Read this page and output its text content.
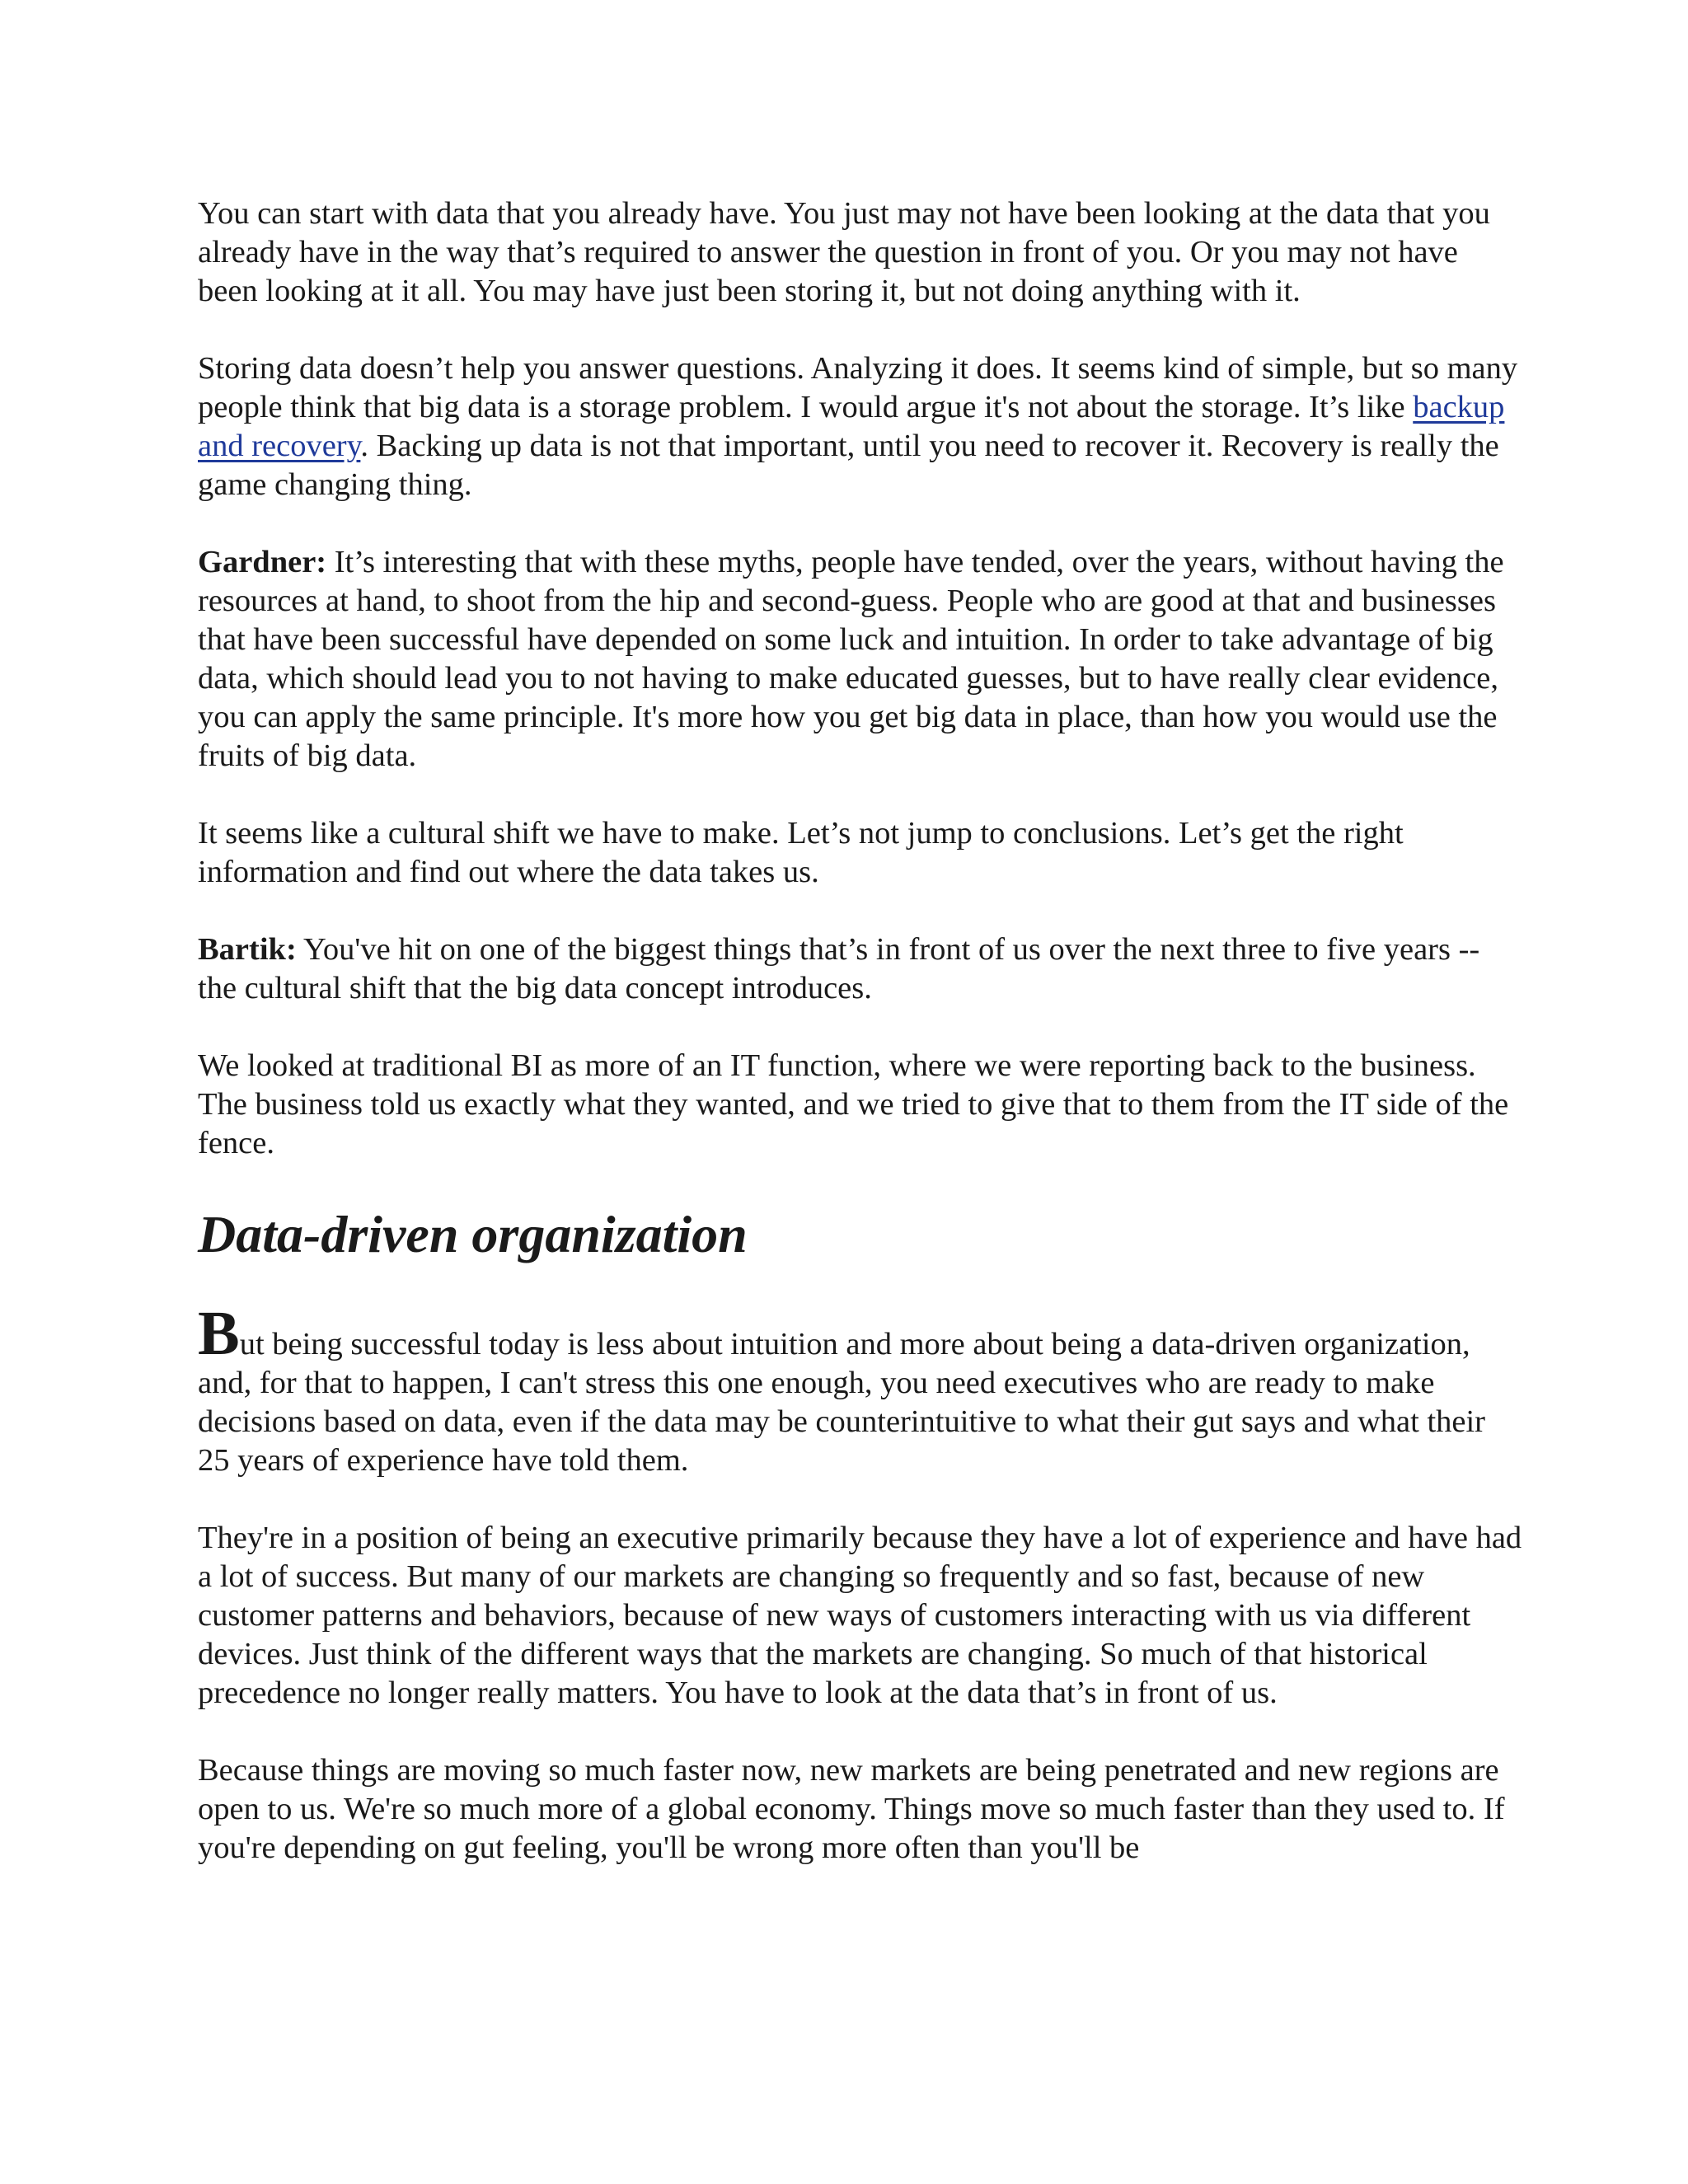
You can start with data that you already have. You just may not have been looking at the data that you already have in the way that’s required to answer the question in front of you. Or you may not have been looking at it all. You may have just been storing it, but not doing anything with it.

Storing data doesn’t help you answer questions. Analyzing it does. It seems kind of simple, but so many people think that big data is a storage problem. I would argue it's not about the storage. It’s like backup and recovery. Backing up data is not that important, until you need to recover it. Recovery is really the game changing thing.

Gardner: It’s interesting that with these myths, people have tended, over the years, without having the resources at hand, to shoot from the hip and second-guess. People who are good at that and businesses that have been successful have depended on some luck and intuition. In order to take advantage of big data, which should lead you to not having to make educated guesses, but to have really clear evidence, you can apply the same principle. It's more how you get big data in place, than how you would use the fruits of big data.

It seems like a cultural shift we have to make. Let’s not jump to conclusions. Let’s get the right information and find out where the data takes us.

Bartik: You've hit on one of the biggest things that’s in front of us over the next three to five years -- the cultural shift that the big data concept introduces.

We looked at traditional BI as more of an IT function, where we were reporting back to the business. The business told us exactly what they wanted, and we tried to give that to them from the IT side of the fence.

Data-driven organization

But being successful today is less about intuition and more about being a data-driven organization, and, for that to happen, I can't stress this one enough, you need executives who are ready to make decisions based on data, even if the data may be counterintuitive to what their gut says and what their 25 years of experience have told them.

They're in a position of being an executive primarily because they have a lot of experience and have had a lot of success. But many of our markets are changing so frequently and so fast, because of new customer patterns and behaviors, because of new ways of customers interacting with us via different devices. Just think of the different ways that the markets are changing. So much of that historical precedence no longer really matters. You have to look at the data that’s in front of us.

Because things are moving so much faster now, new markets are being penetrated and new regions are open to us. We're so much more of a global economy. Things move so much faster than they used to. If you're depending on gut feeling, you'll be wrong more often than you'll be
